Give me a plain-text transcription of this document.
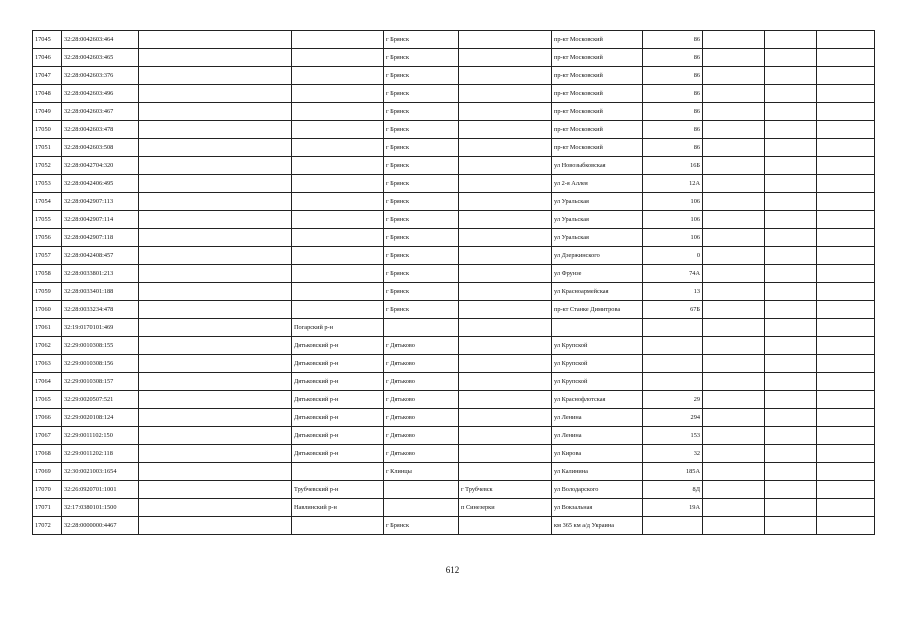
17045	32:28:0042603:464			г Брянск		пр-кт Московский	86			
17046	32:28:0042603:465			г Брянск		пр-кт Московский	86			
17047	32:28:0042603:376			г Брянск		пр-кт Московский	86			
17048	32:28:0042603:496			г Брянск		пр-кт Московский	86			
17049	32:28:0042603:467			г Брянск		пр-кт Московский	86			
17050	32:28:0042603:478			г Брянск		пр-кт Московский	86			
17051	32:28:0042603:508			г Брянск		пр-кт Московский	86			
17052	32:28:0042704:320			г Брянск		ул Новозыбковская	16Б			
17053	32:28:0042406:495			г Брянск		ул 2-я Аллея	12А			
17054	32:28:0042907:113			г Брянск		ул Уральская	106			
17055	32:28:0042907:114			г Брянск		ул Уральская	106			
17056	32:28:0042907:118			г Брянск		ул Уральская	106			
17057	32:28:0042408:457			г Брянск		ул Дзержинского	0			
17058	32:28:0033801:213			г Брянск		ул Фрунзе	74А			
17059	32:28:0033401:188			г Брянск		ул Красноармейская	13			
17060	32:28:0033234:478			г Брянск		пр-кт Станке Димитрова	67Б			
17061	32:19:0170101:469		Погарский р-н							
17062	32:29:0010308:155		Дятьковский р-н	г Дятьково		ул Крупской				
17063	32:29:0010308:156		Дятьковский р-н	г Дятьково		ул Крупской				
17064	32:29:0010308:157		Дятьковский р-н	г Дятьково		ул Крупской				
17065	32:29:0020507:521		Дятьковский р-н	г Дятьково		ул Краснофлотская	29			
17066	32:29:0020108:124		Дятьковский р-н	г Дятьково		ул Ленина	294			
17067	32:29:0011102:150		Дятьковский р-н	г Дятьково		ул Ленина	153			
17068	32:29:0011202:118		Дятьковский р-н	г Дятьково		ул Кирова	32			
17069	32:30:0021003:1654			г Клинцы		ул Калинина	185А			
17070	32:26:0920701:1001		Трубчевский р-н		г Трубчевск	ул Володарского	8Д			
17071	32:17:0380101:1500		Навлинский р-н		п Синезерки	ул Вокзальная	19А			
17072	32:28:0000000:4467			г Брянск		км 365 км а/д Украина				
612
